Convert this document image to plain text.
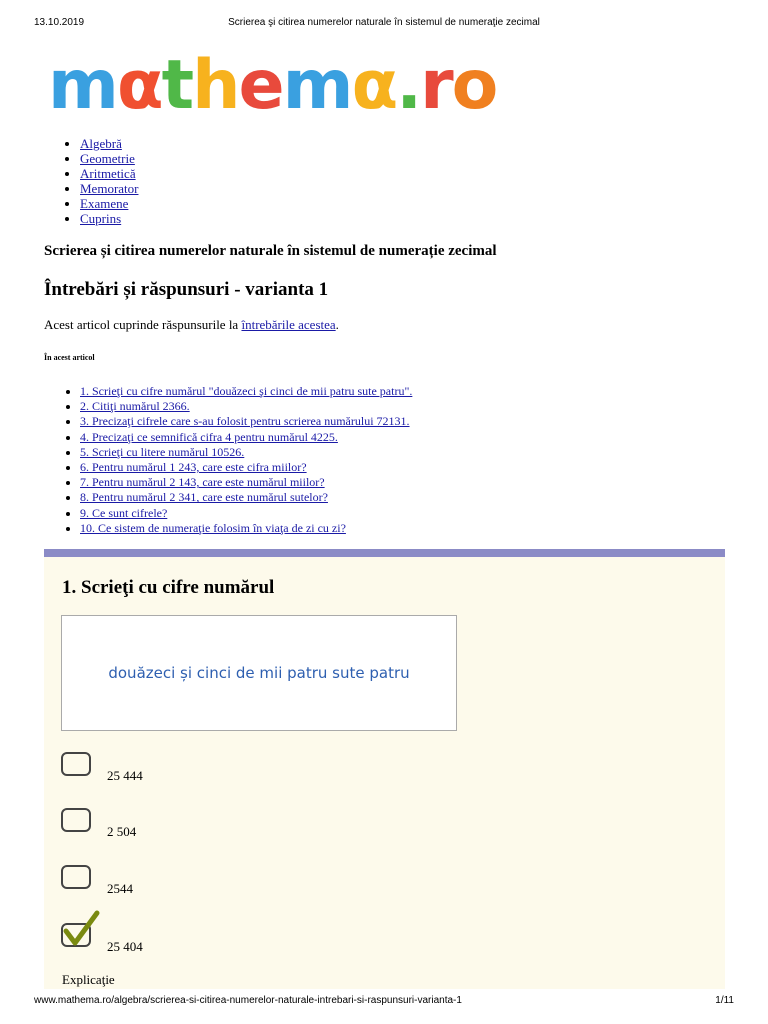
13.10.2019	Scrierea şi citirea numerelor naturale în sistemul de numeraţie zecimal
mαthemα.ro
• Algebră
• Geometrie
• Aritmetică
• Memorator
• Examene
• Cuprins
Scrierea și citirea numerelor naturale în sistemul de numerație zecimal
Întrebări și răspunsuri - varianta 1

Acest articol cuprinde răspunsurile la întrebările acestea.

În acest articol
• 1. Scrieţi cu cifre numărul "douăzeci şi cinci de mii patru sute patru".
• 2. Citiţi numărul 2366.
• 3. Precizaţi cifrele care s-au folosit pentru scrierea numărului 72131.
• 4. Precizaţi ce semnifică cifra 4 pentru numărul 4225.
• 5. Scrieţi cu litere numărul 10526.
• 6. Pentru numărul 1 243, care este cifra miilor?
• 7. Pentru numărul 2 143, care este numărul miilor?
• 8. Pentru numărul 2 341, care este numărul sutelor?
• 9. Ce sunt cifrele?
• 10. Ce sistem de numeraţie folosim în viaţa de zi cu zi?
1. Scrieţi cu cifre numărul
douăzeci și cinci de mii patru sute patru
25 444
2 504
2544
25 404
Explicaţie
www.mathema.ro/algebra/scrierea-si-citirea-numerelor-naturale-intrebari-si-raspunsuri-varianta-1	1/11
